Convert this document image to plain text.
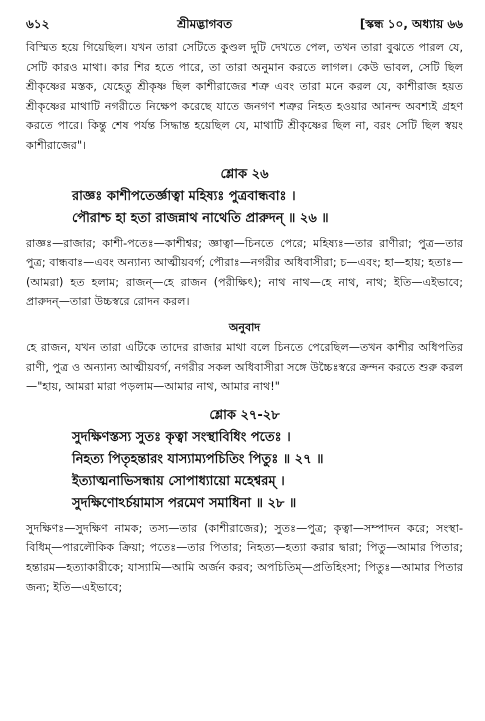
৬১২	শ্রীমদ্ভাগবত	[স্কন্ধ ১০, অধ্যায় ৬৬
বিস্মিত হয়ে গিয়েছিল। যখন তারা সেটিতে কুণ্ডল দুটি দেখতে পেল, তখন তারা বুঝতে পারল যে, সেটি কারও মাথা। কার শির হতে পারে, তা তারা অনুমান করতে লাগল। কেউ ভাবল, সেটি ছিল শ্রীকৃষ্ণের মস্তক, যেহেতু শ্রীকৃষ্ণ ছিল কাশীরাজের শত্রু এবং তারা মনে করল যে, কাশীরাজ হয়ত শ্রীকৃষ্ণের মাথাটি নগরীতে নিক্ষেপ করেছে যাতে জনগণ শত্রুর নিহত হওয়ার আনন্দ অবশ্যই গ্রহণ করতে পারে। কিন্তু শেষ পর্যন্ত সিদ্ধান্ত হয়েছিল যে, মাথাটি শ্রীকৃষ্ণের ছিল না, বরং সেটি ছিল স্বয়ং কাশীরাজের"।
শ্লোক ২৬
রাজ্ঞঃ কাশীপতের্জ্ঞাত্বা মহিষ্যঃ পুত্রবান্ধবাঃ ।
পৌরাশ্চ হা হতা রাজন্নাথ নাথেতি প্রারুদন্ ॥ ২৬ ॥
রাজ্ঞঃ—রাজার; কাশী-পতেঃ—কাশীশ্বর; জ্ঞাত্বা—চিনতে পেরে; মহিষ্যঃ—তার রাণীরা; পুত্র—তার পুত্র; বান্ধবাঃ—এবং অন্যান্য আত্মীয়বর্গ; পৌরাঃ—নগরীর অধিবাসীরা; চ—এবং; হা—হায়; হতাঃ—(আমরা) হত হলাম; রাজন্—হে রাজন (পরীক্ষিৎ); নাথ নাথ—হে নাথ, নাথ; ইতি—এইভাবে; প্রারুদন্—তারা উচ্চস্বরে রোদন করল।
অনুবাদ
হে রাজন, যখন তারা এটিকে তাদের রাজার মাথা বলে চিনতে পেরেছিল—তখন কাশীর অধিপতির রাণী, পুত্র ও অন্যান্য আত্মীয়বর্গ, নগরীর সকল অধিবাসীরা সঙ্গে উচ্চৈঃস্বরে ক্রন্দন করতে শুরু করল—"হায়, আমরা মারা পড়লাম—আমার নাথ, আমার নাথ!"
শ্লোক ২৭-২৮
সুদক্ষিণস্তস্য সুতঃ কৃত্বা সংস্থাবিধিং পতেঃ ।
নিহত্য পিতৃহন্তারং যাস্যাম্যপচিতিং পিতুঃ ॥ ২৭ ॥
ইত্যাত্মনাভিসন্ধায় সোপাধ্যায়ো মহেশ্বরম্ ।
সুদক্ষিণোঽর্চয়ামাস পরমেণ সমাধিনা ॥ ২৮ ॥
সুদক্ষিণঃ—সুদক্ষিণ নামক; তস্য—তার (কাশীরাজের); সুতঃ—পুত্র; কৃত্বা—সম্পাদন করে; সংস্থা-বিধিম্—পারলৌকিক ক্রিয়া; পতেঃ—তার পিতার; নিহত্য—হত্যা করার দ্বারা; পিতু—আমার পিতার; হন্তারম—হত্যাকারীকে; যাস্যামি—আমি অর্জন করব; অপচিতিম্—প্রতিহিংসা; পিতুঃ—আমার পিতার জন্য; ইতি—এইভাবে;
